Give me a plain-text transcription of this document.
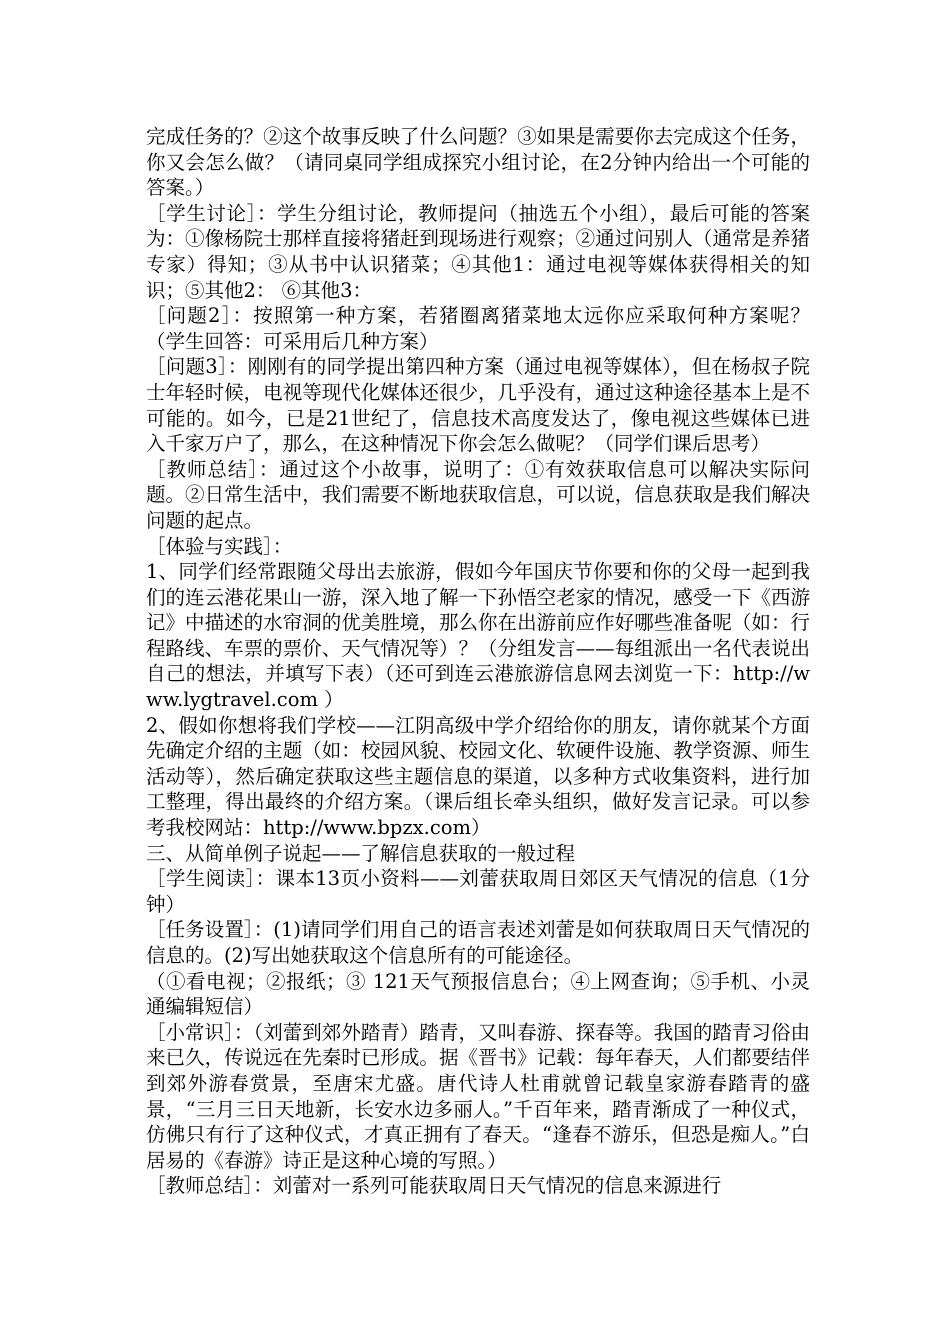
完成任务的？②这个故事反映了什么问题？③如果是需要你去完成这个任务，你又会怎么做？（请同桌同学组成探究小组讨论，在2分钟内给出一个可能的答案。）

［学生讨论］：学生分组讨论，教师提问（抽选五个小组），最后可能的答案为：①像杨院士那样直接将猪赶到现场进行观察；②通过问别人（通常是养猪专家）得知；③从书中认识猪菜；④其他1：通过电视等媒体获得相关的知识；⑤其他2： ⑥其他3：

［问题2］：按照第一种方案，若猪圈离猪菜地太远你应采取何种方案呢？（学生回答：可采用后几种方案）

［问题3］：刚刚有的同学提出第四种方案（通过电视等媒体），但在杨叔子院士年轻时候，电视等现代化媒体还很少，几乎没有，通过这种途径基本上是不可能的。如今，已是21世纪了，信息技术高度发达了，像电视这些媒体已进入千家万户了，那么，在这种情况下你会怎么做呢？（同学们课后思考）

［教师总结］：通过这个小故事，说明了：①有效获取信息可以解决实际问题。②日常生活中，我们需要不断地获取信息，可以说，信息获取是我们解决问题的起点。

［体验与实践］：

1、同学们经常跟随父母出去旅游，假如今年国庆节你要和你的父母一起到我们的连云港花果山一游，深入地了解一下孙悟空老家的情况，感受一下《西游记》中描述的水帘洞的优美胜境，那么你在出游前应作好哪些准备呢（如：行程路线、车票的票价、天气情况等）？（分组发言——每组派出一名代表说出自己的想法，并填写下表）（还可到连云港旅游信息网去浏览一下：http://www.lygtravel.com ）

2、假如你想将我们学校——江阴高级中学介绍给你的朋友，请你就某个方面先确定介绍的主题（如：校园风貌、校园文化、软硬件设施、教学资源、师生活动等），然后确定获取这些主题信息的渠道，以多种方式收集资料，进行加工整理，得出最终的介绍方案。（课后组长牵头组织，做好发言记录。可以参考我校网站：http://www.bpzx.com）

三、从简单例子说起——了解信息获取的一般过程

［学生阅读］：课本13页小资料——刘蕾获取周日郊区天气情况的信息（1分钟）

［任务设置］：(1)请同学们用自己的语言表述刘蕾是如何获取周日天气情况的信息的。(2)写出她获取这个信息所有的可能途径。

（①看电视；②报纸；③ 121天气预报信息台；④上网查询；⑤手机、小灵通编辑短信）

［小常识］：（刘蕾到郊外踏青）踏青，又叫春游、探春等。我国的踏青习俗由来已久，传说远在先秦时已形成。据《晋书》记载：每年春天，人们都要结伴到郊外游春赏景，至唐宋尤盛。唐代诗人杜甫就曾记载皇家游春踏青的盛景，“三月三日天地新，长安水边多丽人。”千百年来，踏青渐成了一种仪式，仿佛只有行了这种仪式，才真正拥有了春天。“逢春不游乐，但恐是痴人。”白居易的《春游》诗正是这种心境的写照。）

［教师总结］：刘蕾对一系列可能获取周日天气情况的信息来源进行
